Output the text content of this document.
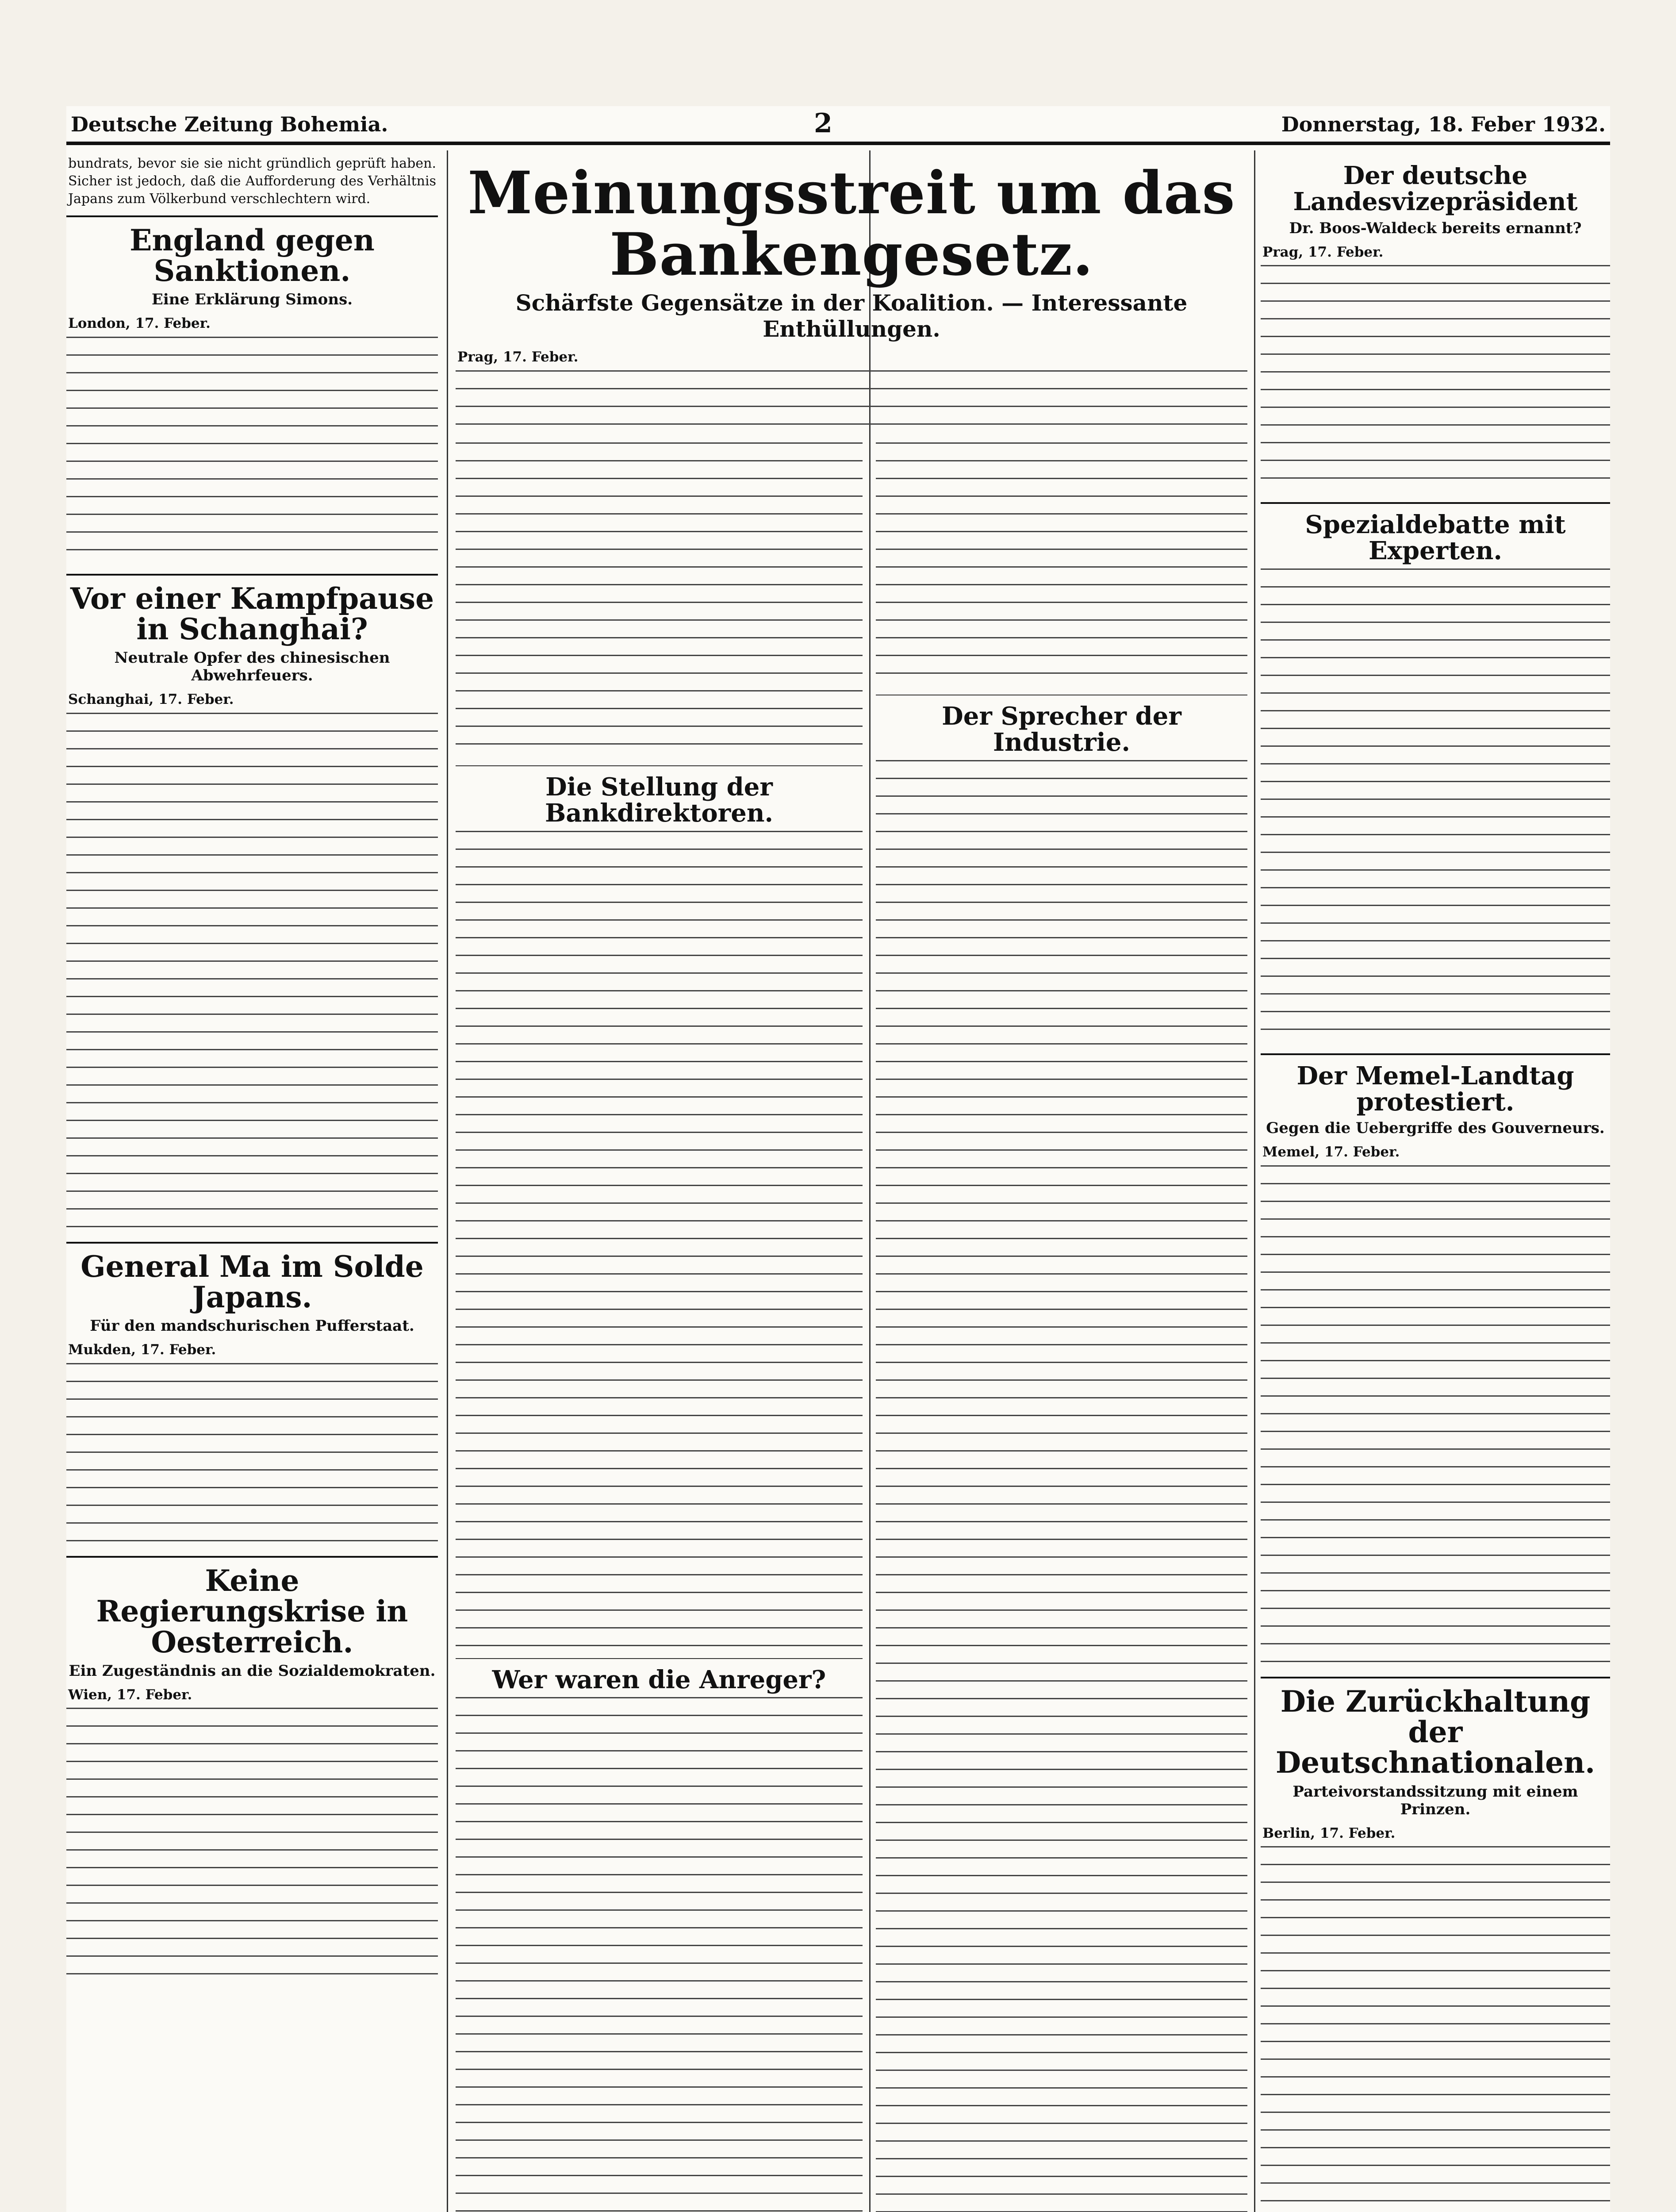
Deutsche Zeitung Bohemia.	2	Donnerstag, 18. Feber 1932.

bundrats, bevor sie sie nicht gründlich geprüft haben. Sicher ist jedoch, daß die Aufforderung des Verhältnis Japans zum Völkerbund verschlechtern wird.

England gegen Sanktionen.
Eine Erklärung Simons.

London, 17. Feber.

Vor einer Kampfpause in Schanghai?
Neutrale Opfer des chinesischen Abwehrfeuers.

Schanghai, 17. Feber.

General Ma im Solde Japans.
Für den mandschurischen Pufferstaat.

Mukden, 17. Feber.

Keine Regierungskrise in Oesterreich.
Ein Zugeständnis an die Sozialdemokraten.

Wien, 17. Feber.

Meinungsstreit um das Bankengesetz.
Schärfste Gegensätze in der Koalition. — Interessante Enthüllungen.

Prag, 17. Feber.

Die Stellung der Bankdirektoren.
Wer waren die Anreger?
Der Sprecher der Industrie.
Der deutsche Landesvizepräsident
Dr. Boos-Waldeck bereits ernannt?

Prag, 17. Feber.

Spezialdebatte mit Experten.
Der Memel-Landtag protestiert.
Gegen die Uebergriffe des Gouverneurs.

Memel, 17. Feber.

Die Zurückhaltung der Deutschnationalen.
Parteivorstandssitzung mit einem Prinzen.

Berlin, 17. Feber.
